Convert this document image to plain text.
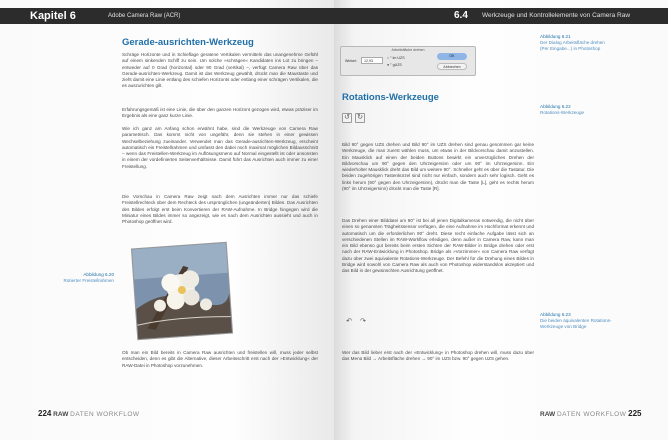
Kapitel 6	Adobe Camera Raw (ACR)
Gerade-ausrichten-Werkzeug
Schräge Horizonte und in Schieflage geratene Vertikalen vermitteln das unangenehme Gefühl auf einem sinkenden Schiff zu sein. Um solche »schrägen« Kandidaten ins Lot zu bringen – entweder auf 0 Grad (horizontal) oder 90 Grad (vertikal) –, verfügt Camera Raw über das Gerade-ausrichten-Werkzeug. Damit ist das Werkzeug gewählt, drückt man die Maustaste und zieht damit eine Linie entlang des schiefen Horizonts oder entlang einer schrägen Vertikalen, die es auszurichten gilt.
Erfahrungsgemäß ist eine Linie, die über den ganzen Horizont gezogen wird, etwas präziser im Ergebnis als eine ganz kurze Linie.
Wie ich ganz am Anfang schon erwähnt habe, sind die Werkzeuge von Camera Raw parametrisch. Das kommt nicht von ungefähr, denn sie stehen in einer gewissen Wechselbeziehung zueinander. Verwendet man das Gerade-ausrichten-Werkzeug, erscheint automatisch ein Freistellrahmen und umfasst den dabei noch maximal möglichen Bildausschnitt – wenn das Freistellen-Werkzeug im Auflösungsmenü auf Normal eingestellt ist oder ansonsten in einem der vordefinierten Seitenverhältnisse. Damit führt das Ausrichten auch immer zu einer Freistellung.
Die Vorschau in Camera Raw zeigt nach dem Ausrichten immer nur das schiefe Freistellrechteck über dem Rechteck des ursprünglichen (ungeänderten) Bildes. Das Ausrichten des Bildes erfolgt erst beim Konvertieren der RAW-Aufnahme. In Bridge hingegen wird die Miniatur eines Bildes immer so angezeigt, wie es nach dem Ausrichten aussieht und auch in Photoshop geöffnet wird.
Abbildung 6.20
Rotierter Freistellrahmen
Ob man ein Bild bereits in Camera Raw ausrichten und freistellen will, muss jeder selbst entscheiden, denn es gibt die Alternative, dieser Arbeitsschritt erst nach der »Entwicklung« der RAW-Datei in Photoshop vorzunehmen.
224 RAW DATEN WORKFLOW
6.4 Werkzeuge und Kontrollelemente von Camera Raw
Arbeitsfläche drehen
Winkel:	12,93
○ ° im UZS
● ° gUZS
OK
Abbrechen
Abbildung 6.21
Der Dialog Arbeitsfläche drehen (Per Eingabe...) in Photoshop
Rotations-Werkzeuge
↺ ↻
Abbildung 6.22
Rotations-Werkzeuge
Bild 90° gegen UZS drehen und Bild 90° im UZS drehen sind genau genommen gar keine Werkzeuge, die man zuerst wählen muss, um etwas in der Bildvorschau damit anzustellen. Ein Mausklick auf einen der beiden Buttons bewirkt ein unverzügliches Drehen der Bildvorschau um 90° gegen den Uhrzeigersinn oder um 90° im Uhrzeigersinn. Ein wiederholter Mausklick dreht das Bild um weitere 90°. Schneller geht es über die Tastatur. Die beiden zugehörigen Tastenkürzel sind nicht nur einfach, sondern auch sehr logisch. Geht es links herum (90° gegen den Uhrzeigersinn), drückt man die Taste [L], geht es rechts herum (90° im Uhrzeigersinn) drückt man die Taste [R].
Das Drehen einer Bilddatei um 90° ist bei all jenen Digitalkameras notwendig, die nicht über einen so genannten Trägheitssensor verfügen, die eine Aufnahme im Hochformat erkennt und automatisch um die erforderlichen 90° dreht. Diese recht einfache Aufgabe lässt sich an verschiedenen Stellen im RAW-Workflow erledigen, denn außer in Camera Raw, kann man ein Bild ebenso gut bereits beim ersten Sichten der RAW-Bilder in Bridge drehen oder erst nach der RAW-Entwicklung in Photoshop. Bridge als »Vorzimmer« von Camera Raw verfügt dazu über zwei äquivalente Rotations-Werkzeuge. Der Befehl für die Drehung eines Bildes in Bridge wird sowohl von Camera Raw als auch von Photoshop widerstandslos akzeptiert und das Bild in der gewünschten Ausrichtung geöffnet.
↶ ↷
Abbildung 6.23
Die beiden äquivalenten Rotations-Werkzeuge von Bridge
Wer das Bild lieber erst nach der »Entwicklung« in Photoshop drehen will, muss dazu über das Menü Bild → Arbeitsfläche drehen → 90° im UZS bzw. 90° gegen UZS gehen.
RAW DATEN WORKFLOW 225
